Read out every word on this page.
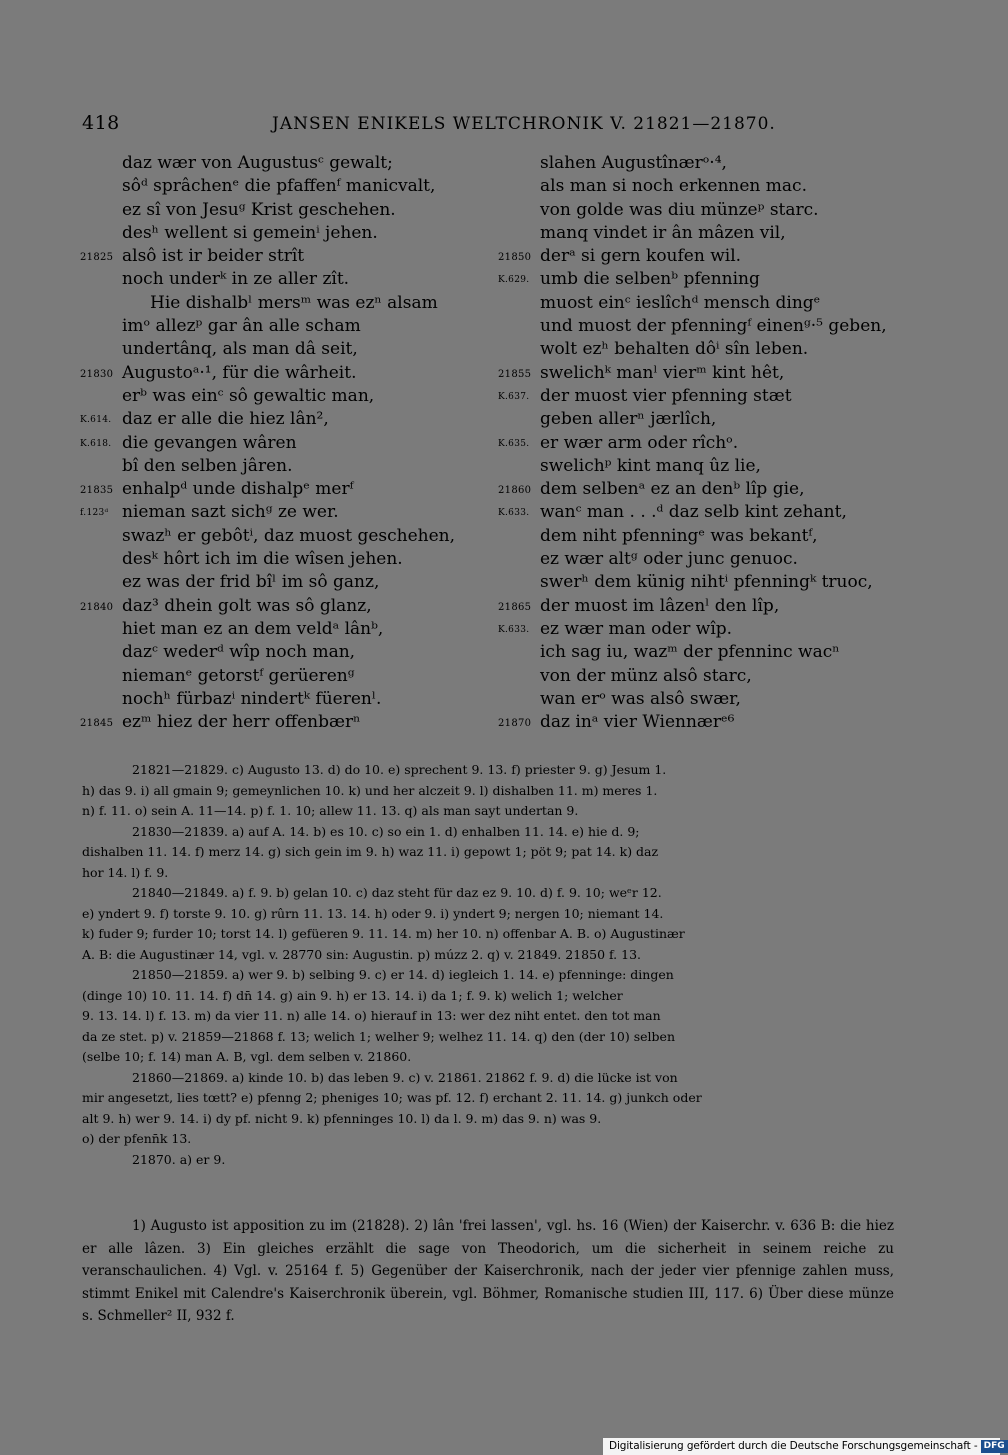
418	JANSEN ENIKELS WELTCHRONIK V. 21821—21870.
daz wær von Augustusᶜ gewalt;
sôᵈ sprâchenᵉ die pfaffenᶠ manicvalt,
ez sî von Jesuᵍ Krist geschehen.
desʰ wellent si gemeinⁱ jehen.
21825 alsô ist ir beider strît
noch underᵏ in ze aller zît.
Hie dishalbˡ mersᵐ was ezⁿ alsam
imᵒ allezᵖ gar ân alle scham
undertânq, als man dâ seit,
21830 Augustoᵃ·¹, für die wârheit.
erᵇ was einᶜ sô gewaltic man,
K.614. daz er alle die hiez lân²,
K.618. die gevangen wâren
bî den selben jâren.
21835 enhalpᵈ unde dishalpᵉ merᶠ
f.123ᵈ nieman sazt sichᵍ ze wer.
swazʰ er gebôtⁱ, daz muost geschehen,
desᵏ hôrt ich im die wîsen jehen.
ez was der frid bîˡ im sô ganz,
21840 daz³ dhein golt was sô glanz,
hiet man ez an dem veldᵃ lânᵇ,
dazᶜ wederᵈ wîp noch man,
niemanᵉ getorstᶠ gerüerenᵍ
nochʰ fürbazⁱ nindertᵏ füerenˡ.
21845 ezᵐ hiez der herr offenbærⁿ
slahen Augustînærᵒ·⁴,
als man si noch erkennen mac.
von golde was diu münzeᵖ starc.
manq vindet ir ân mâzen vil,
21850 derᵃ si gern koufen wil.
K.629. umb die selbenᵇ pfenning
muost einᶜ ieslîchᵈ mensch dingᵉ
und muost der pfenningᶠ einenᵍ·⁵ geben,
wolt ezʰ behalten dôⁱ sîn leben.
21855 swelichᵏ manˡ vierᵐ kint hêt,
K.637. der muost vier pfenning stæt
geben allerⁿ jærlîch,
K.635. er wær arm oder rîchᵒ.
swelichᵖ kint manq ûz lie,
21860 dem selbenᵃ ez an denᵇ lîp gie,
K.633. wanᶜ man . . .ᵈ daz selb kint zehant,
dem niht pfenningᵉ was bekantᶠ,
ez wær altᵍ oder junc genuoc.
swerʰ dem künig nihtⁱ pfenningᵏ truoc,
21865 der muost im lâzenˡ den lîp,
K.633. ez wær man oder wîp.
ich sag iu, wazᵐ der pfenninc wacⁿ
von der münz alsô starc,
wan erᵒ was alsô swær,
21870 daz inᵃ vier Wiennærᵉ⁶

21821—21829. c) Augusto 13. d) do 10. e) sprechent 9. 13. f) priester 9. g) Jesum 1.

h) das 9. i) all gmain 9; gemeynlichen 10. k) und her alczeit 9. l) dishalben 11. m) meres 1.

n) f. 11. o) sein A. 11—14. p) f. 1. 10; allew 11. 13. q) als man sayt undertan 9.

21830—21839. a) auf A. 14. b) es 10. c) so ein 1. d) enhalben 11. 14. e) hie d. 9;

dishalben 11. 14. f) merz 14. g) sich gein im 9. h) waz 11. i) gepowt 1; pöt 9; pat 14. k) daz

hor 14. l) f. 9.

21840—21849. a) f. 9. b) gelan 10. c) daz steht für daz ez 9. 10. d) f. 9. 10; weᵉr 12.

e) yndert 9. f) torste 9. 10. g) rûrn 11. 13. 14. h) oder 9. i) yndert 9; nergen 10; niemant 14.

k) fuder 9; furder 10; torst 14. l) gefüeren 9. 11. 14. m) her 10. n) offenbar A. B. o) Augustinær

A. B: die Augustinær 14, vgl. v. 28770 sin: Augustin. p) múzz 2. q) v. 21849. 21850 f. 13.

21850—21859. a) wer 9. b) selbing 9. c) er 14. d) iegleich 1. 14. e) pfenninge: dingen

(dinge 10) 10. 11. 14. f) dn̄ 14. g) ain 9. h) er 13. 14. i) da 1; f. 9. k) welich 1; welcher

9. 13. 14. l) f. 13. m) da vier 11. n) alle 14. o) hierauf in 13: wer dez niht entet. den tot man

da ze stet. p) v. 21859—21868 f. 13; welich 1; welher 9; welhez 11. 14. q) den (der 10) selben

(selbe 10; f. 14) man A. B, vgl. dem selben v. 21860.

21860—21869. a) kinde 10. b) das leben 9. c) v. 21861. 21862 f. 9. d) die lücke ist von

mir angesetzt, lies tœtt? e) pfenng 2; pheniges 10; was pf. 12. f) erchant 2. 11. 14. g) junkch oder

alt 9. h) wer 9. 14. i) dy pf. nicht 9. k) pfenninges 10. l) da l. 9. m) das 9. n) was 9.

o) der pfenn̄k 13.

21870. a) er 9.

1) Augusto ist apposition zu im (21828).

2) lân 'frei lassen', vgl. hs. 16 (Wien) der Kaiserchr. v. 636 B: die hiez er alle lâzen.

3) Ein gleiches erzählt die sage von Theodorich, um die sicherheit in seinem reiche zu veranschaulichen.

4) Vgl. v. 25164 f.

5) Gegenüber der Kaiserchronik, nach der jeder vier pfennige zahlen muss, stimmt Enikel mit Calendre's Kaiserchronik überein, vgl. Böhmer, Romanische studien III, 117.

6) Über diese münze s. Schmeller² II, 932 f.

Digitalisierung gefördert durch die Deutsche Forschungsgemeinschaft - DFG
